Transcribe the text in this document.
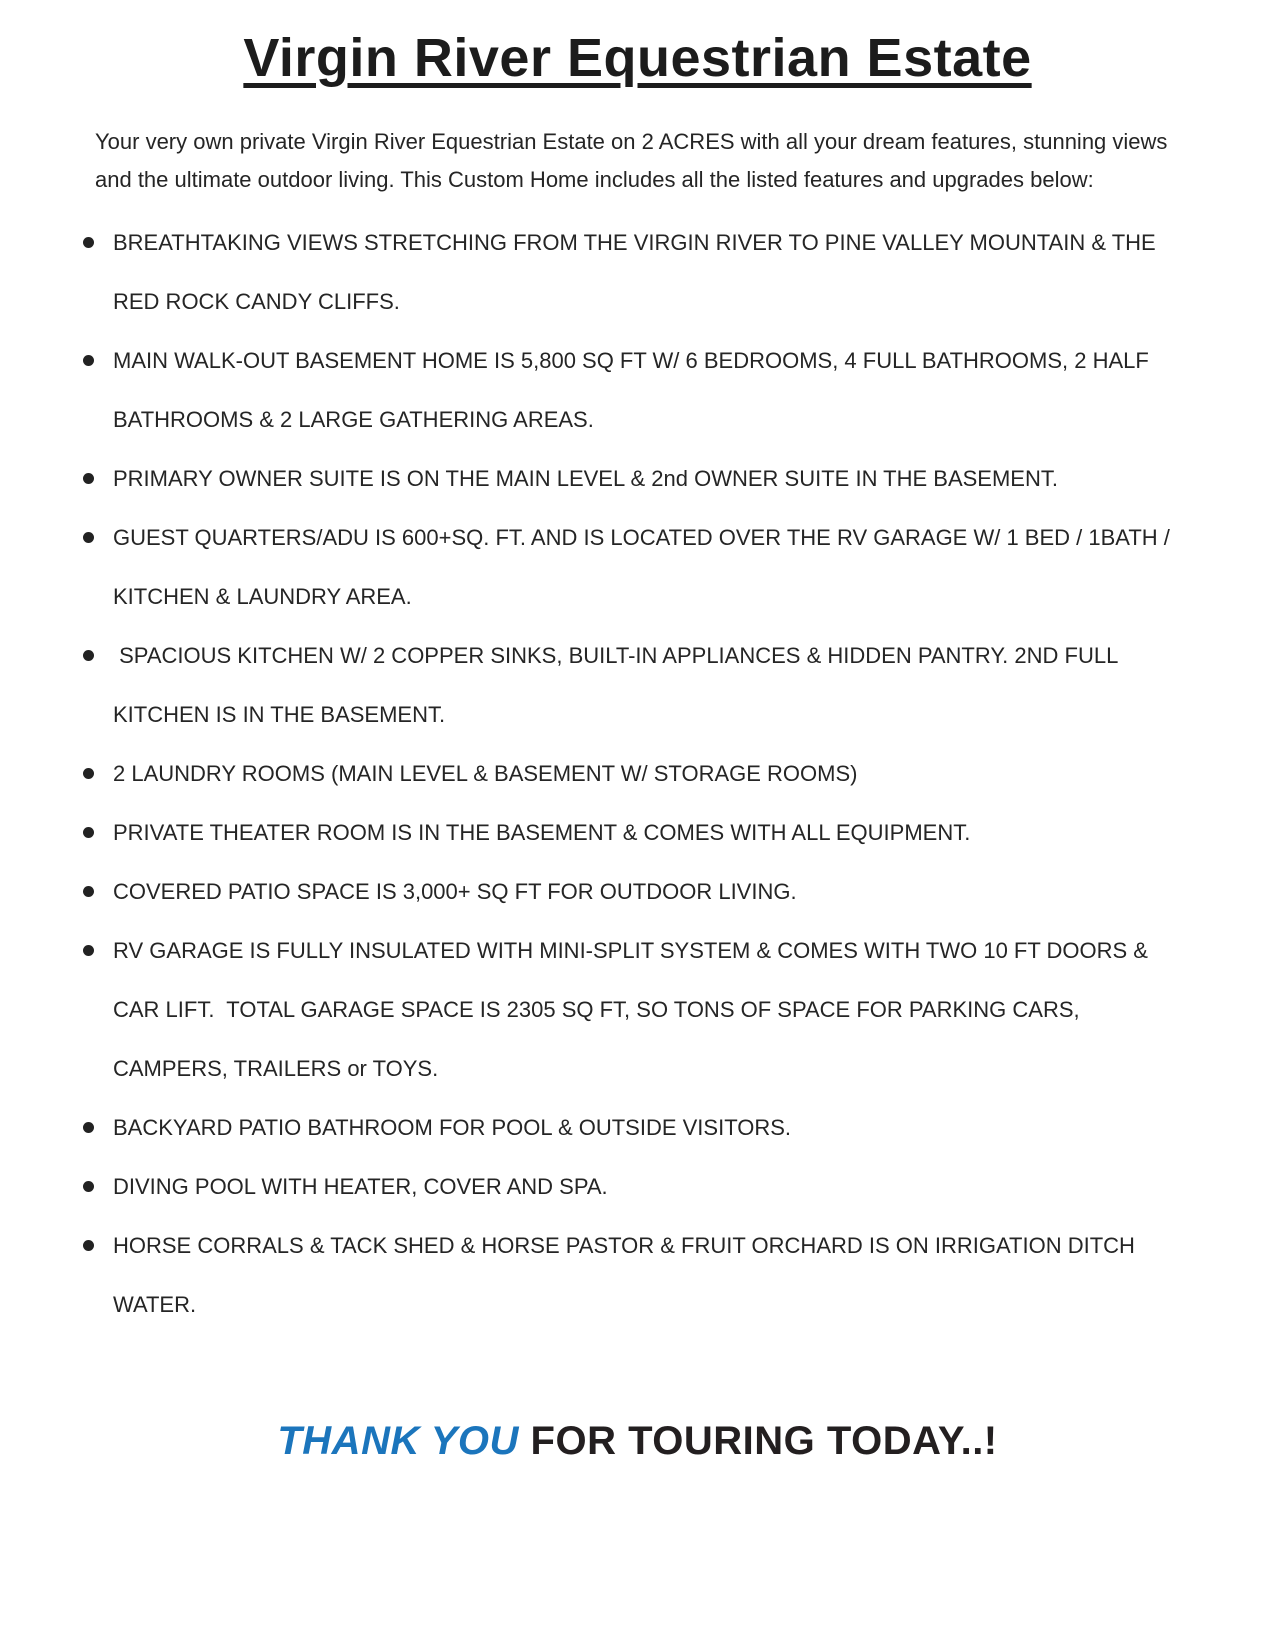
Virgin River Equestrian Estate

Your very own private Virgin River Equestrian Estate on 2 ACRES with all your dream features, stunning views and the ultimate outdoor living. This Custom Home includes all the listed features and upgrades below:

BREATHTAKING VIEWS STRETCHING FROM THE VIRGIN RIVER TO PINE VALLEY MOUNTAIN & THE RED ROCK CANDY CLIFFS.
MAIN WALK-OUT BASEMENT HOME IS 5,800 SQ FT W/ 6 BEDROOMS, 4 FULL BATHROOMS, 2 HALF BATHROOMS & 2 LARGE GATHERING AREAS.
PRIMARY OWNER SUITE IS ON THE MAIN LEVEL & 2nd OWNER SUITE IN THE BASEMENT.
GUEST QUARTERS/ADU IS 600+SQ. FT. AND IS LOCATED OVER THE RV GARAGE W/ 1 BED / 1BATH / KITCHEN & LAUNDRY AREA.
SPACIOUS KITCHEN W/ 2 COPPER SINKS, BUILT-IN APPLIANCES & HIDDEN PANTRY. 2ND FULL KITCHEN IS IN THE BASEMENT.
2 LAUNDRY ROOMS (MAIN LEVEL & BASEMENT W/ STORAGE ROOMS)
PRIVATE THEATER ROOM IS IN THE BASEMENT & COMES WITH ALL EQUIPMENT.
COVERED PATIO SPACE IS 3,000+ SQ FT FOR OUTDOOR LIVING.
RV GARAGE IS FULLY INSULATED WITH MINI-SPLIT SYSTEM & COMES WITH TWO 10 FT DOORS & CAR LIFT.  TOTAL GARAGE SPACE IS 2305 SQ FT, SO TONS OF SPACE FOR PARKING CARS, CAMPERS, TRAILERS or TOYS.
BACKYARD PATIO BATHROOM FOR POOL & OUTSIDE VISITORS.
DIVING POOL WITH HEATER, COVER AND SPA.
HORSE CORRALS & TACK SHED & HORSE PASTOR & FRUIT ORCHARD IS ON IRRIGATION DITCH WATER.

THANK YOU FOR TOURING TODAY..!
